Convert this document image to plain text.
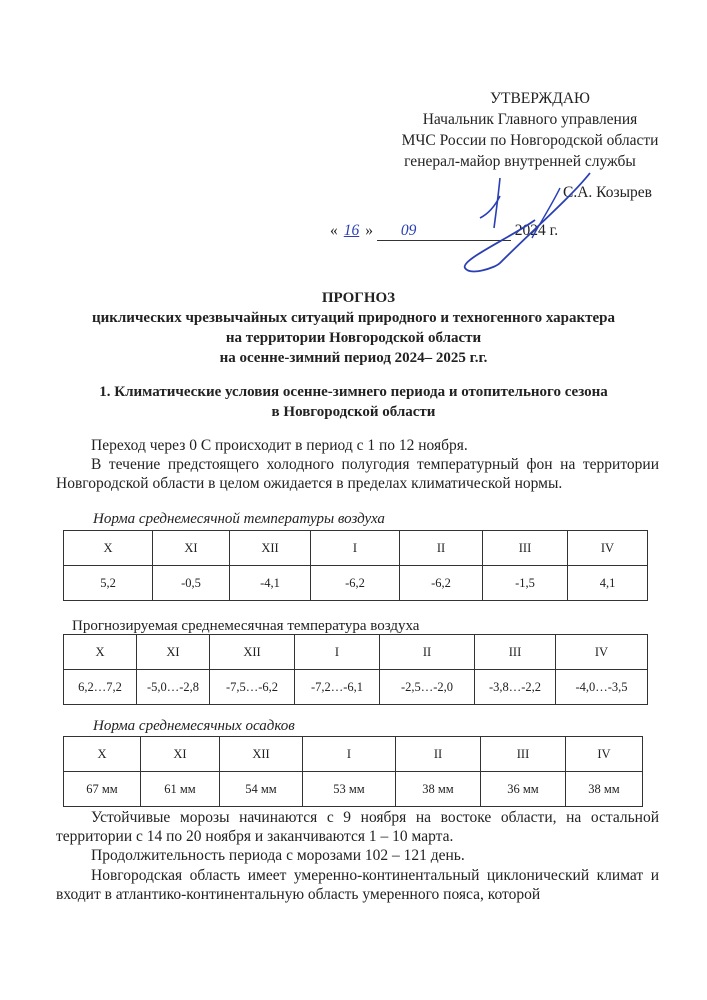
УТВЕРЖДАЮ
Начальник Главного управления
МЧС России по Новгородской области
генерал-майор внутренней службы
С.А. Козырев
« 16 » 09	2024 г.
ПРОГНОЗ
циклических чрезвычайных ситуаций природного и техногенного характера
на территории Новгородской области
на осенне-зимний период 2024– 2025 г.г.
1. Климатические условия осенне-зимнего периода и отопительного сезона
в Новгородской области
Переход через 0 С происходит в период с 1 по 12 ноября.
В течение предстоящего холодного полугодия температурный фон на территории Новгородской области в целом ожидается в пределах климатической нормы.
Норма среднемесячной температуры воздуха
X	XI	XII	I	II	III	IV
5,2	-0,5	-4,1	-6,2	-6,2	-1,5	4,1
Прогнозируемая среднемесячная температура воздуха
X	XI	XII	I	II	III	IV
6,2…7,2	-5,0…-2,8	-7,5…-6,2	-7,2…-6,1	-2,5…-2,0	-3,8…-2,2	-4,0…-3,5
Норма среднемесячных осадков
X	XI	XII	I	II	III	IV
67 мм	61 мм	54 мм	53 мм	38 мм	36 мм	38 мм
Устойчивые морозы начинаются с 9 ноября на востоке области, на остальной территории с 14 по 20 ноября и заканчиваются 1 – 10 марта.
Продолжительность периода с морозами 102 – 121 день.
Новгородская область имеет умеренно-континентальный циклонический климат и входит в атлантико-континентальную область умеренного пояса, которой
